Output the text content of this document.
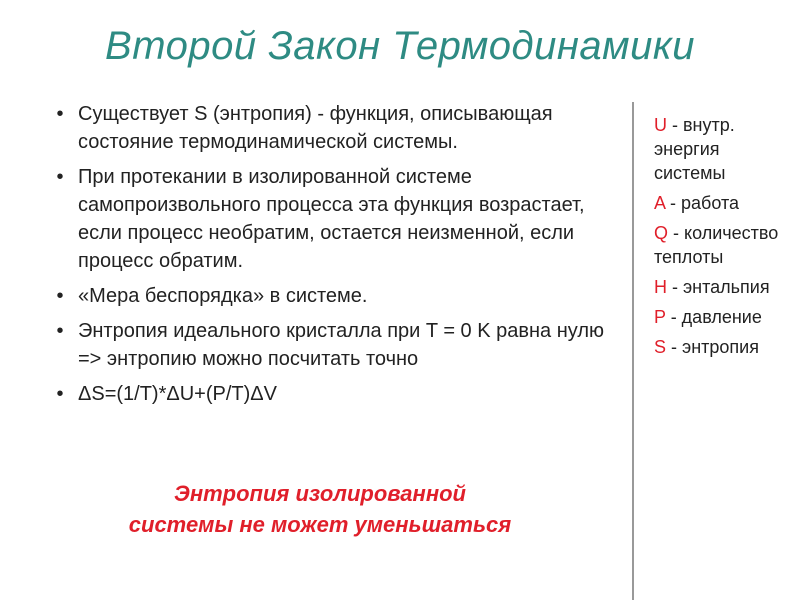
Второй Закон Термодинамики
• Существует S (энтропия) - функция, описывающая состояние термодинамической системы.
• При протекании в изолированной системе самопроизвольного процесса эта функция возрастает, если процесс необратим, остается неизменной, если процесс обратим.
• «Мера беспорядка» в системе.
• Энтропия идеального кристалла при T = 0 K равна нулю => энтропию можно посчитать точно
• ΔS=(1/T)*ΔU+(P/T)ΔV
Энтропия изолированной системы не может уменьшаться
U - внутр. энергия системы
A - работа
Q - количество теплоты
H - энтальпия
P - давление
S - энтропия
